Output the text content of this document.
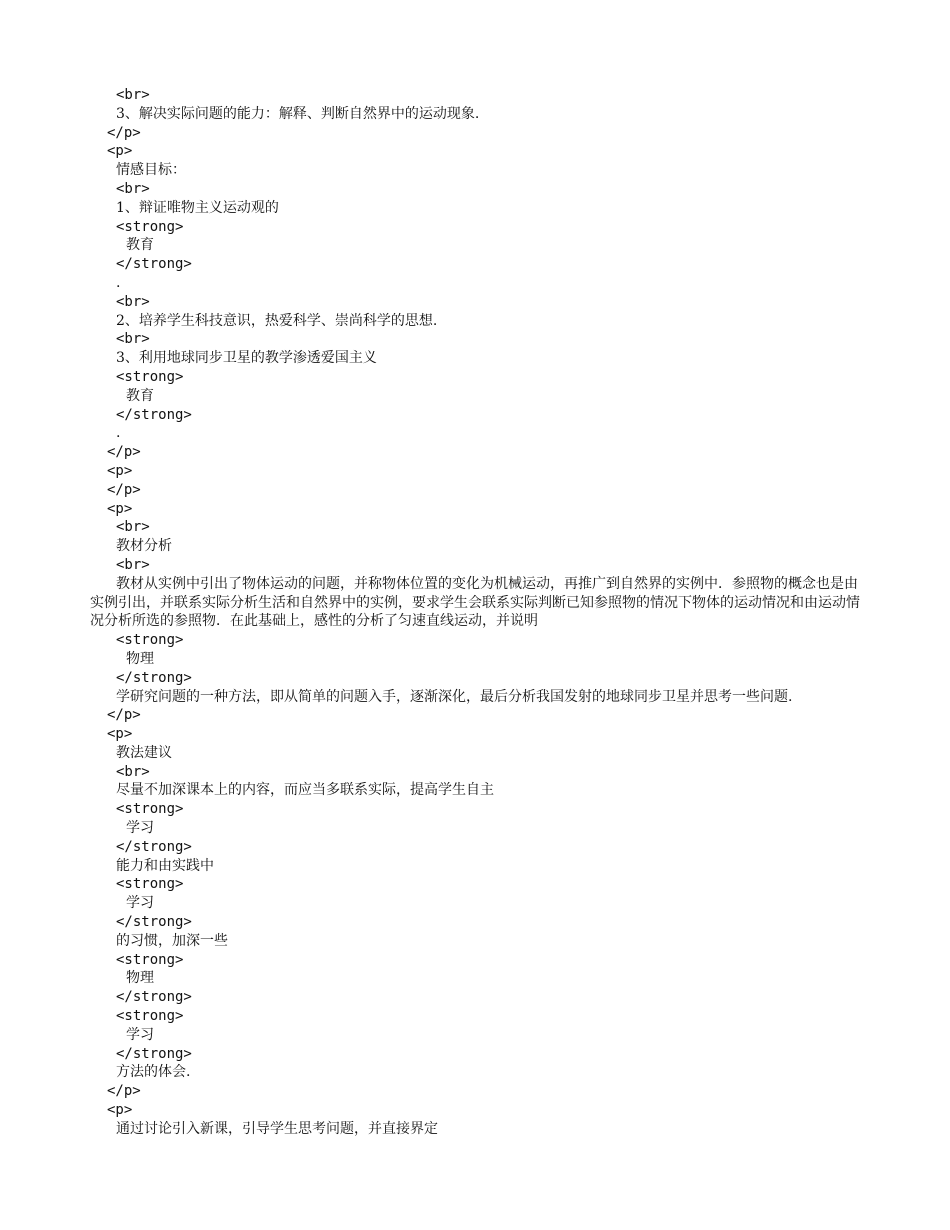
<br>
3、解决实际问题的能力：解释、判断自然界中的运动现象.
</p>
<p>
情感目标：
<br>
1、辩证唯物主义运动观的
<strong>
教育
</strong>
.
<br>
2、培养学生科技意识，热爱科学、崇尚科学的思想.
<br>
3、利用地球同步卫星的教学渗透爱国主义
<strong>
教育
</strong>
.
</p>
<p>
</p>
<p>
<br>
教材分析
<br>
教材从实例中引出了物体运动的问题，并称物体位置的变化为机械运动，再推广到自然界的实例中．参照物的概念也是由实例引出，并联系实际分析生活和自然界中的实例，要求学生会联系实际判断已知参照物的情况下物体的运动情况和由运动情况分析所选的参照物．在此基础上，感性的分析了匀速直线运动，并说明
<strong>
物理
</strong>
学研究问题的一种方法，即从简单的问题入手，逐渐深化，最后分析我国发射的地球同步卫星并思考一些问题.
</p>
<p>
教法建议
<br>
尽量不加深课本上的内容，而应当多联系实际，提高学生自主
<strong>
学习
</strong>
能力和由实践中
<strong>
学习
</strong>
的习惯，加深一些
<strong>
物理
</strong>
<strong>
学习
</strong>
方法的体会.
</p>
<p>
通过讨论引入新课，引导学生思考问题，并直接界定
